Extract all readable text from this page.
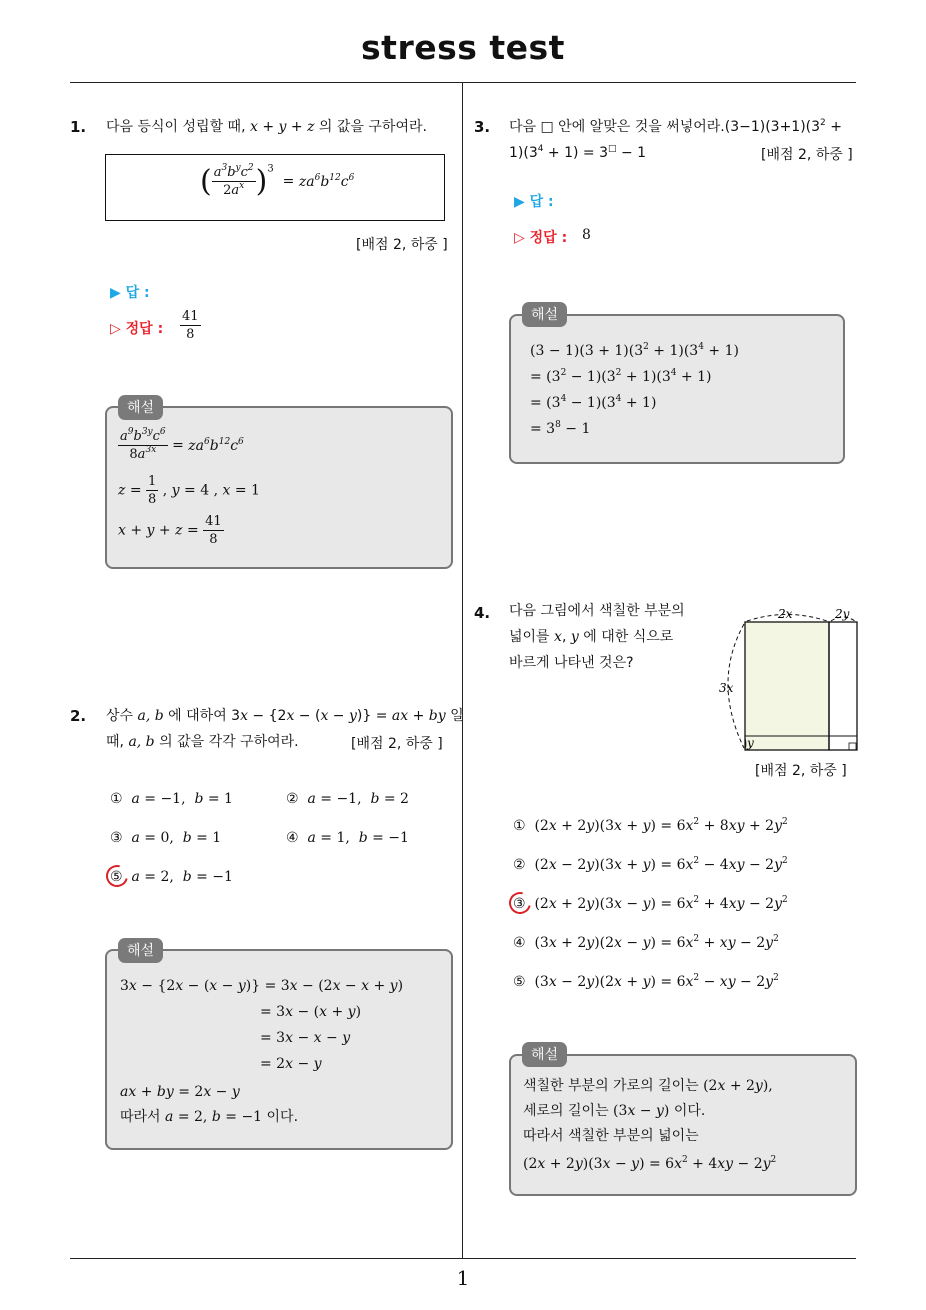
stress test
1
1. 다음 등식이 성립할 때, x + y + z 의 값을 구하여라.
( $\frac{a^3b^yc^2}{2a^x} )^3 = za^6b^{12}c^6$
[배점 2, 하중 ]
▶ 답 :
▷ 정답 : $\frac{41}{8}$
해설
$\frac{a^9b^{3y}c^6}{8a^{3x}} = za^6b^{12}c^6$
$z = \frac{1}{8}$ , y = 4 , x = 1
$x + y + z = \frac{41}{8}$
2. 상수 a, b 에 대하여 3x − {2x − (x − y)} = ax + by 일
때, a, b 의 값을 각각 구하여라.	[배점 2, 하중 ]
①  a = −1,  b = 1	②  a = −1,  b = 2
③  a = 0,  b = 1	④  a = 1,  b = −1
⑤  a = 2,  b = −1
해설
3x − {2x − (x − y)} = 3x − (2x − x + y)
= 3x − (x + y)
= 3x − x − y
= 2x − y
ax + by = 2x − y
따라서 a = 2, b = −1 이다.
3. 다음 □ 안에 알맞은 것을 써넣어라$.(3-1)(3+1)(3^2$ +
$1)(3^4 + 1) = 3^□ - 1$	[배점 2, 하중 ]
▶ 답 :
▷ 정답 : 8
해설
$(3 - 1)(3 + 1)(3^2 + 1)(3^4 + 1)$
= $(3^2 - 1)(3^2 + 1)(3^4 + 1)$
= $(3^4 - 1)(3^4 + 1)$
= $3^8 - 1$
4. 다음 그림에서 색칠한 부분의
넓이를 x, y 에 대한 식으로
바르게 나타낸 것은?
2x	2y
3x
y
[배점 2, 하중 ]
①  $(2x + 2y)(3x + y) = 6x^2 + 8xy + 2y^2$
②  $(2x - 2y)(3x + y) = 6x^2 - 4xy - 2y^2$
③  $(2x + 2y)(3x - y) = 6x^2 + 4xy - 2y^2$
④  $(3x + 2y)(2x - y) = 6x^2$ + xy − $2y^2$
⑤  $(3x - 2y)(2x + y) = 6x^2$ − xy − $2y^2$
해설
색칠한 부분의 가로의 길이는 (2x + 2y),
세로의 길이는 (3x − y) 이다.
따라서 색칠한 부분의 넓이는
$(2x + 2y)(3x - y) = 6x^2 + 4xy - 2y^2$
